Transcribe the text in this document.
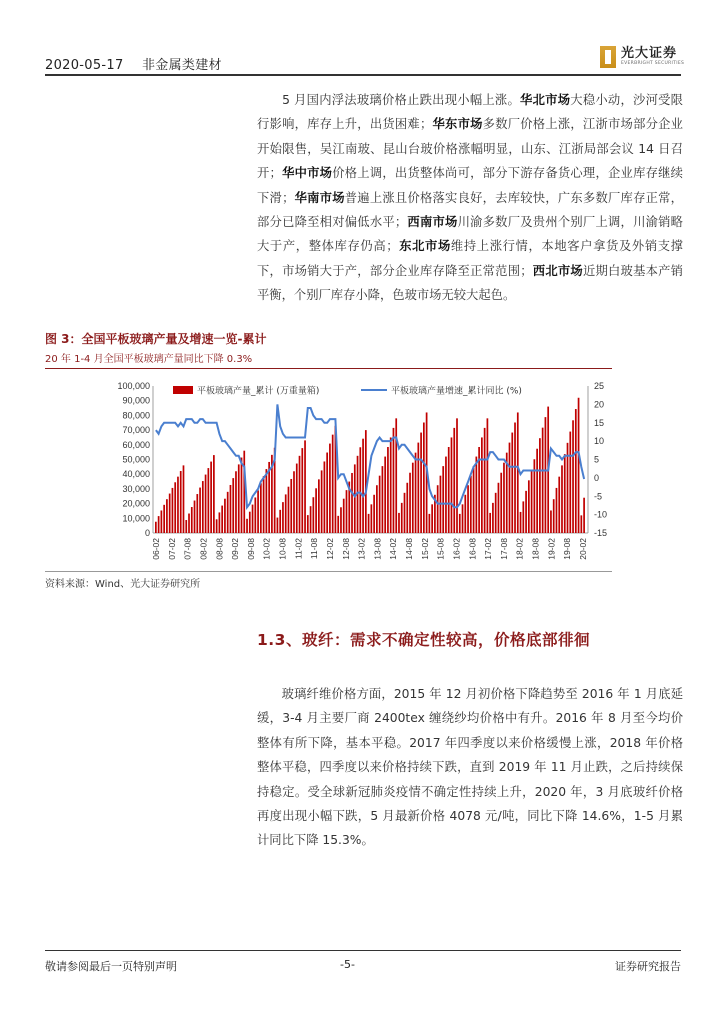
2020-05-17 非金属类建材
光大证券
EVERBRIGHT SECURITIES
　　5 月国内浮法玻璃价格止跌出现小幅上涨。华北市场大稳小动，沙河受限行影响，库存上升，出货困难；华东市场多数厂价格上涨，江浙市场部分企业开始限售，吴江南玻、昆山台玻价格涨幅明显，山东、江浙局部会议 14 日召开；华中市场价格上调，出货整体尚可，部分下游存备货心理，企业库存继续下滑；华南市场普遍上涨且价格落实良好，去库较快，广东多数厂库存正常，部分已降至相对偏低水平；西南市场川渝多数厂及贵州个别厂上调，川渝销略大于产，整体库存仍高；东北市场维持上涨行情，本地客户拿货及外销支撑下，市场销大于产，部分企业库存降至正常范围；西北市场近期白玻基本产销平衡，个别厂库存小降，色玻市场无较大起色。
图 3：全国平板玻璃产量及增速一览-累计
20 年 1-4 月全国平板玻璃产量同比下降 0.3%
100,000
90,000
80,000
70,000
60,000
50,000
40,000
30,000
20,000
10,000
0
25
20
15
10
5
0
-5
-10
-15
06-02 07-02 07-08 08-02 08-08 09-02 09-08 10-02 10-08 11-02 11-08 12-02 12-08 13-02 13-08 14-02 14-08 15-02 15-08 16-02 16-08 17-02 17-08 18-02 18-08 19-02 19-08 20-02
平板玻璃产量_累计 (万重量箱)	平板玻璃产量增速_累计同比 (%)
资料来源：Wind、光大证券研究所
1.3、玻纤：需求不确定性较高，价格底部徘徊
玻璃纤维价格方面，2015 年 12 月初价格下降趋势至 2016 年 1 月底延缓，3-4 月主要厂商 2400tex 缠绕纱均价格中有升。2016 年 8 月至今均价整体有所下降，基本平稳。2017 年四季度以来价格缓慢上涨，2018 年价格整体平稳，四季度以来价格持续下跌，直到 2019 年 11 月止跌，之后持续保持稳定。受全球新冠肺炎疫情不确定性持续上升，2020 年，3 月底玻纤价格再度出现小幅下跌，5 月最新价格 4078 元/吨，同比下降 14.6%，1-5 月累计同比下降 15.3%。
敬请参阅最后一页特别声明	-5-	证券研究报告
